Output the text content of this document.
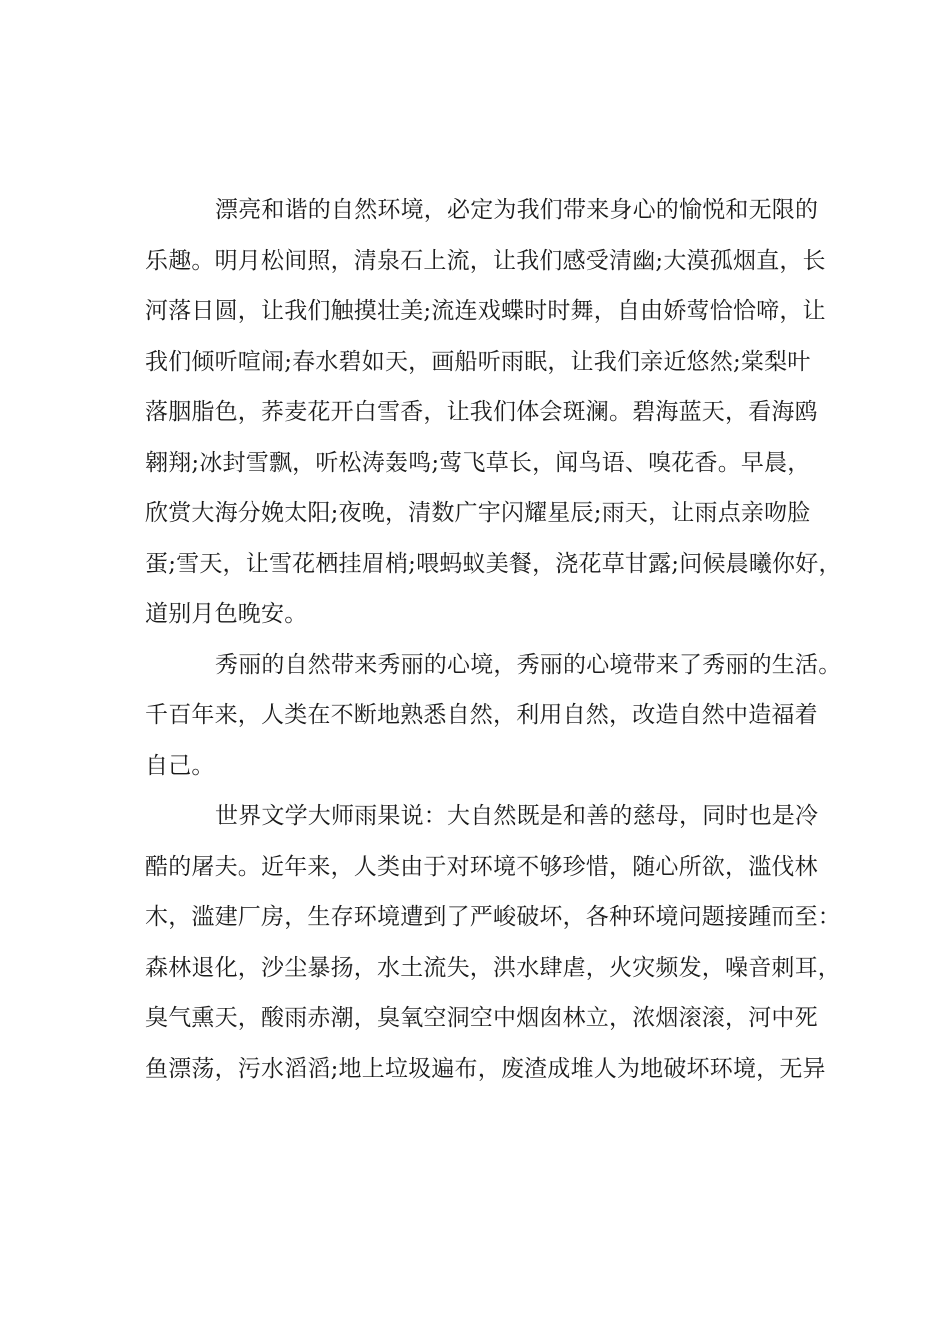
漂亮和谐的自然环境，必定为我们带来身心的愉悦和无限的
乐趣。明月松间照，清泉石上流，让我们感受清幽;大漠孤烟直，长
河落日圆，让我们触摸壮美;流连戏蝶时时舞，自由娇莺恰恰啼，让
我们倾听喧闹;春水碧如天，画船听雨眠，让我们亲近悠然;棠梨叶
落胭脂色，荞麦花开白雪香，让我们体会斑澜。碧海蓝天，看海鸥
翱翔;冰封雪飘，听松涛轰鸣;莺飞草长，闻鸟语、嗅花香。早晨，
欣赏大海分娩太阳;夜晚，清数广宇闪耀星辰;雨天，让雨点亲吻脸
蛋;雪天，让雪花栖挂眉梢;喂蚂蚁美餐，浇花草甘露;问候晨曦你好，
道别月色晚安。
秀丽的自然带来秀丽的心境，秀丽的心境带来了秀丽的生活。
千百年来，人类在不断地熟悉自然，利用自然，改造自然中造福着
自己。
世界文学大师雨果说：大自然既是和善的慈母，同时也是冷
酷的屠夫。近年来，人类由于对环境不够珍惜，随心所欲，滥伐林
木，滥建厂房，生存环境遭到了严峻破坏，各种环境问题接踵而至：
森林退化，沙尘暴扬，水土流失，洪水肆虐，火灾频发，噪音刺耳，
臭气熏天，酸雨赤潮，臭氧空洞空中烟囱林立，浓烟滚滚，河中死
鱼漂荡，污水滔滔;地上垃圾遍布，废渣成堆人为地破坏环境，无异
